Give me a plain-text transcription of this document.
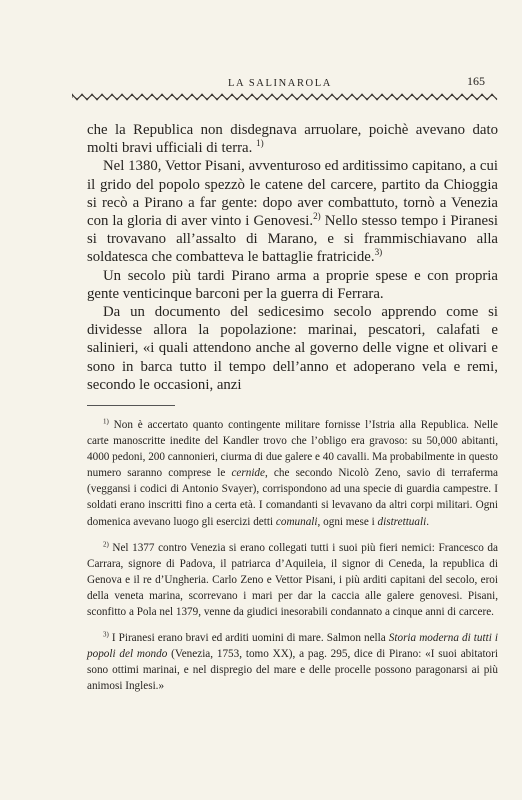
LA SALINAROLA	165

che la Republica non disdegnava arruolare, poichè avevano dato molti bravi ufficiali di terra. $^{1)}$

Nel 1380, Vettor Pisani, avventuroso ed arditissimo capitano, a cui il grido del popolo spezzò le catene del carcere, partito da Chioggia si recò a Pirano a far gente: dopo aver combattuto, tornò a Venezia con la gloria di aver vinto i Genovesi.$^{2)}$ Nello stesso tempo i Piranesi si trovavano all’assalto di Marano, e si frammischiavano alla soldatesca che combatteva le battaglie fratricide.$^{3)}$

Un secolo più tardi Pirano arma a proprie spese e con propria gente venticinque barconi per la guerra di Ferrara.

Da un documento del sedicesimo secolo apprendo come si dividesse allora la popolazione: marinai, pescatori, calafati e salinieri, «i quali attendono anche al governo delle vigne et olivari e sono in barca tutto il tempo dell’anno et adoperano vela e remi, secondo le occasioni, anzi

$^{1)}$ Non è accertato quanto contingente militare fornisse l’Istria alla Republica. Nelle carte manoscritte inedite del Kandler trovo che l’obligo era gravoso: su 50,000 abitanti, 4000 pedoni, 200 cannonieri, ciurma di due galere e 40 cavalli. Ma probabilmente in questo numero saranno comprese le cernide, che secondo Nicolò Zeno, savio di terraferma (veggansi i codici di Antonio Svayer), corrispondono ad una specie di guardia campestre. I soldati erano inscritti fino a certa età. I comandanti si levavano da altri corpi militari. Ogni domenica avevano luogo gli esercizi detti comunali, ogni mese i distrettuali.

$^{2)}$ Nel 1377 contro Venezia si erano collegati tutti i suoi più fieri nemici: Francesco da Carrara, signore di Padova, il patriarca d’Aquileia, il signor di Ceneda, la republica di Genova e il re d’Ungheria. Carlo Zeno e Vettor Pisani, i più arditi capitani del secolo, eroi della veneta marina, scorrevano i mari per dar la caccia alle galere genovesi. Pisani, sconfitto a Pola nel 1379, venne da giudici inesorabili condannato a cinque anni di carcere.

$^{3)}$ I Piranesi erano bravi ed arditi uomini di mare. Salmon nella Storia moderna di tutti i popoli del mondo (Venezia, 1753, tomo XX), a pag. 295, dice di Pirano: «I suoi abitatori sono ottimi marinai, e nel dispregio del mare e delle procelle possono paragonarsi ai più animosi Inglesi.»
